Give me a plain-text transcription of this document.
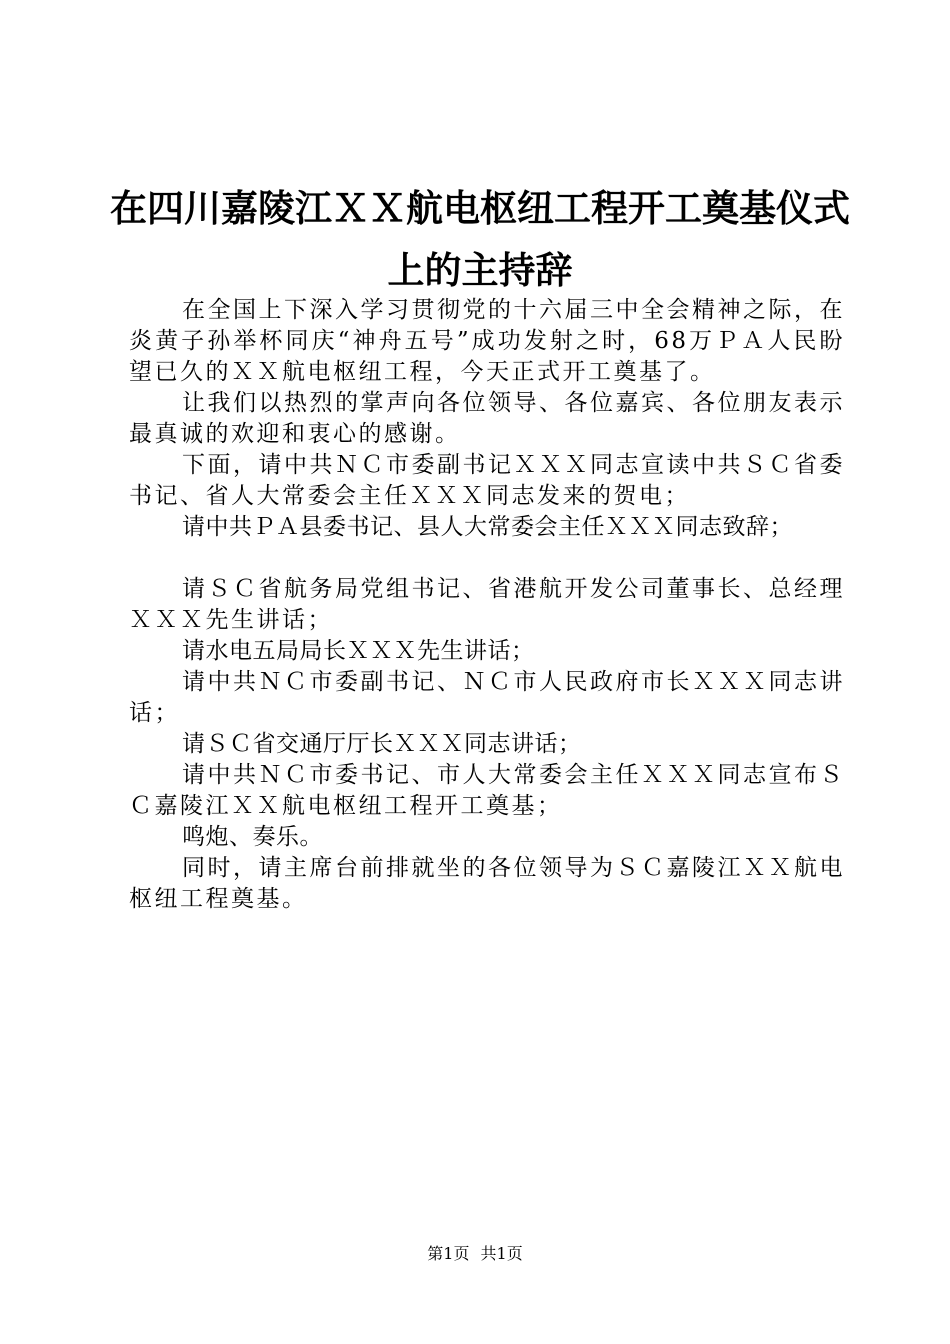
在四川嘉陵江ＸＸ航电枢纽工程开工奠基仪式
上的主持辞

在全国上下深入学习贯彻党的十六届三中全会精神之际，在炎黄子孙举杯同庆“神舟五号”成功发射之时，68万ＰＡ人民盼望已久的ＸＸ航电枢纽工程，今天正式开工奠基了。

让我们以热烈的掌声向各位领导、各位嘉宾、各位朋友表示最真诚的欢迎和衷心的感谢。

下面，请中共ＮＣ市委副书记ＸＸＸ同志宣读中共ＳＣ省委书记、省人大常委会主任ＸＸＸ同志发来的贺电；

请中共ＰＡ县委书记、县人大常委会主任ＸＸＸ同志致辞；

请ＳＣ省航务局党组书记、省港航开发公司董事长、总经理ＸＸＸ先生讲话；

请水电五局局长ＸＸＸ先生讲话；

请中共ＮＣ市委副书记、ＮＣ市人民政府市长ＸＸＸ同志讲话；

请ＳＣ省交通厅厅长ＸＸＸ同志讲话；

请中共ＮＣ市委书记、市人大常委会主任ＸＸＸ同志宣布ＳＣ嘉陵江ＸＸ航电枢纽工程开工奠基；

鸣炮、奏乐。

同时，请主席台前排就坐的各位领导为ＳＣ嘉陵江ＸＸ航电枢纽工程奠基。

第1页 共1页
